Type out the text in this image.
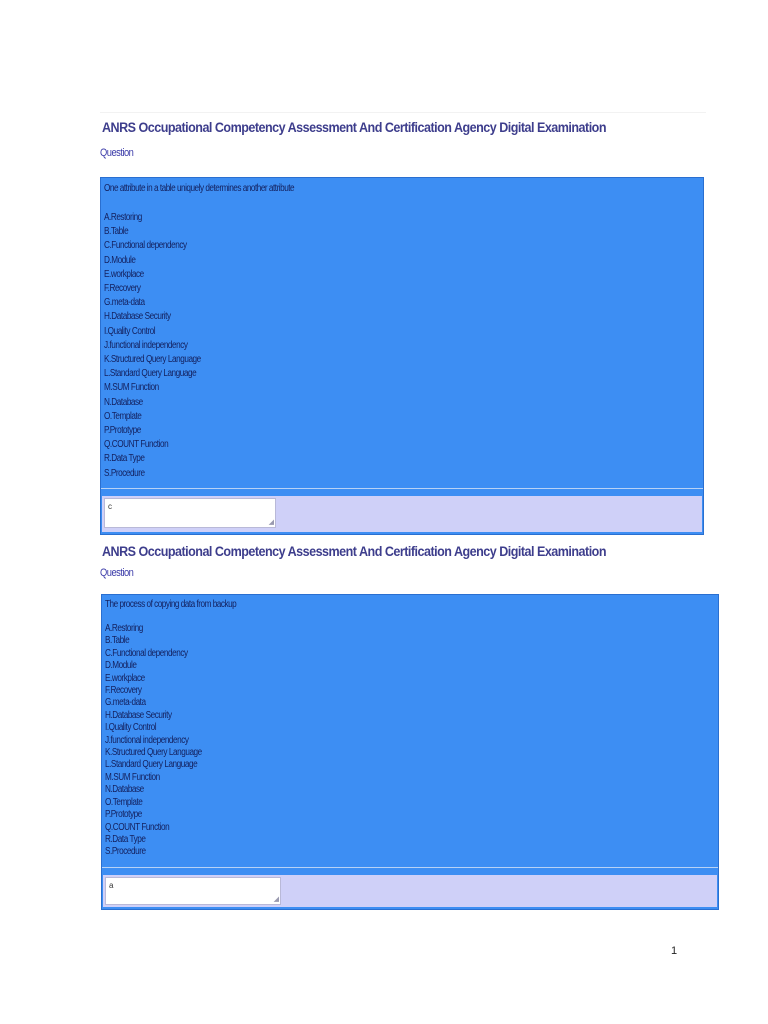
ANRS Occupational Competency Assessment And Certification Agency Digital Examination
Question
One attribute in a table uniquely determines another attribute
A.Restoring
B.Table
C.Functional dependency
D.Module
E.workplace
F.Recovery
G.meta-data
H.Database Security
I.Quality Control
J.functional independency
K.Structured Query Language
L.Standard Query Language
M.SUM Function
N.Database
O.Template
P.Prototype
Q.COUNT Function
R.Data Type
S.Procedure
c
◢
ANRS Occupational Competency Assessment And Certification Agency Digital Examination
Question
The process of copying data from backup
A.Restoring
B.Table
C.Functional dependency
D.Module
E.workplace
F.Recovery
G.meta-data
H.Database Security
I.Quality Control
J.functional independency
K.Structured Query Language
L.Standard Query Language
M.SUM Function
N.Database
O.Template
P.Prototype
Q.COUNT Function
R.Data Type
S.Procedure
a
◢
1
